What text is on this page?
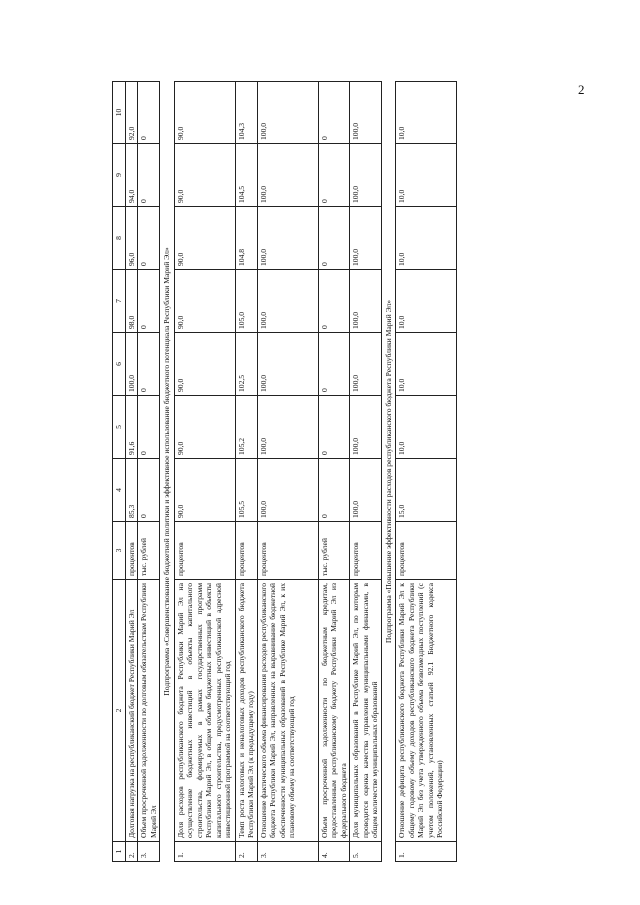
2
1	2	3	4	5	6	7	8	9	10
2.	Долговая нагрузка на республиканский бюджет Республики Марий Эл	процентов	85,3	91,6	100,0	98,0	96,0	94,0	92,0
3.	Объем просроченной задолженности по долговым обязательствам Республики Марий Эл	тыс. рублей	0	0	0	0	0	0	0
Подпрограмма «Совершенствование бюджетной политики и эффективное использование бюджетного потенциала Республики Марий Эл»									
1.	Доля расходов республиканского бюджета Республики Марий Эл на осуществление бюджетных инвестиций в объекты капитального строительства, формируемых в рамках государственных программ Республики Марий Эл, в общем объеме бюджетных инвестиций в объекты капитального строительства, предусмотренных республиканской адресной инвестиционной программой на соответствующий год	процентов	90,0	90,0	90,0	90,0	90,0	90,0	90,0
2.	Темп роста налоговых и неналоговых доходов республиканского бюджета Республики Марий Эл (к предыдущему году)	процентов	105,5	105,2	102,5	105,0	104,8	104,5	104,3
3.	Отношение фактического объема финансирования расходов республиканского бюджета Республики Марий Эл, направленных на выравнивание бюджетной обеспеченности муниципальных образований в Республике Марий Эл, к их плановому объему на соответствующий год	процентов	100,0	100,0	100,0	100,0	100,0	100,0	100,0
4.	Объем просроченной задолженности по бюджетным кредитам, предоставленным республиканскому бюджету Республики Марий Эл из федерального бюджета	тыс. рублей	0	0	0	0	0	0	0
5.	Доля муниципальных образований в Республике Марий Эл, по которым проводится оценка качества управления муниципальными финансами, в общем количестве муниципальных образований	процентов	100,0	100,0	100,0	100,0	100,0	100,0	100,0
Подпрограмма «Повышение эффективности расходов республиканского бюджета Республики Марий Эл»									
1.	Отношение дефицита республиканского бюджета Республики Марий Эл к общему годовому объему доходов республиканского бюджета Республики Марий Эл без учета утвержденного объема безвозмездных поступлений (с учетом положений, установленных статьей 92.1 Бюджетного кодекса Российской Федерации)	процентов	15,0	10,0	10,0	10,0	10,0	10,0	10,0
